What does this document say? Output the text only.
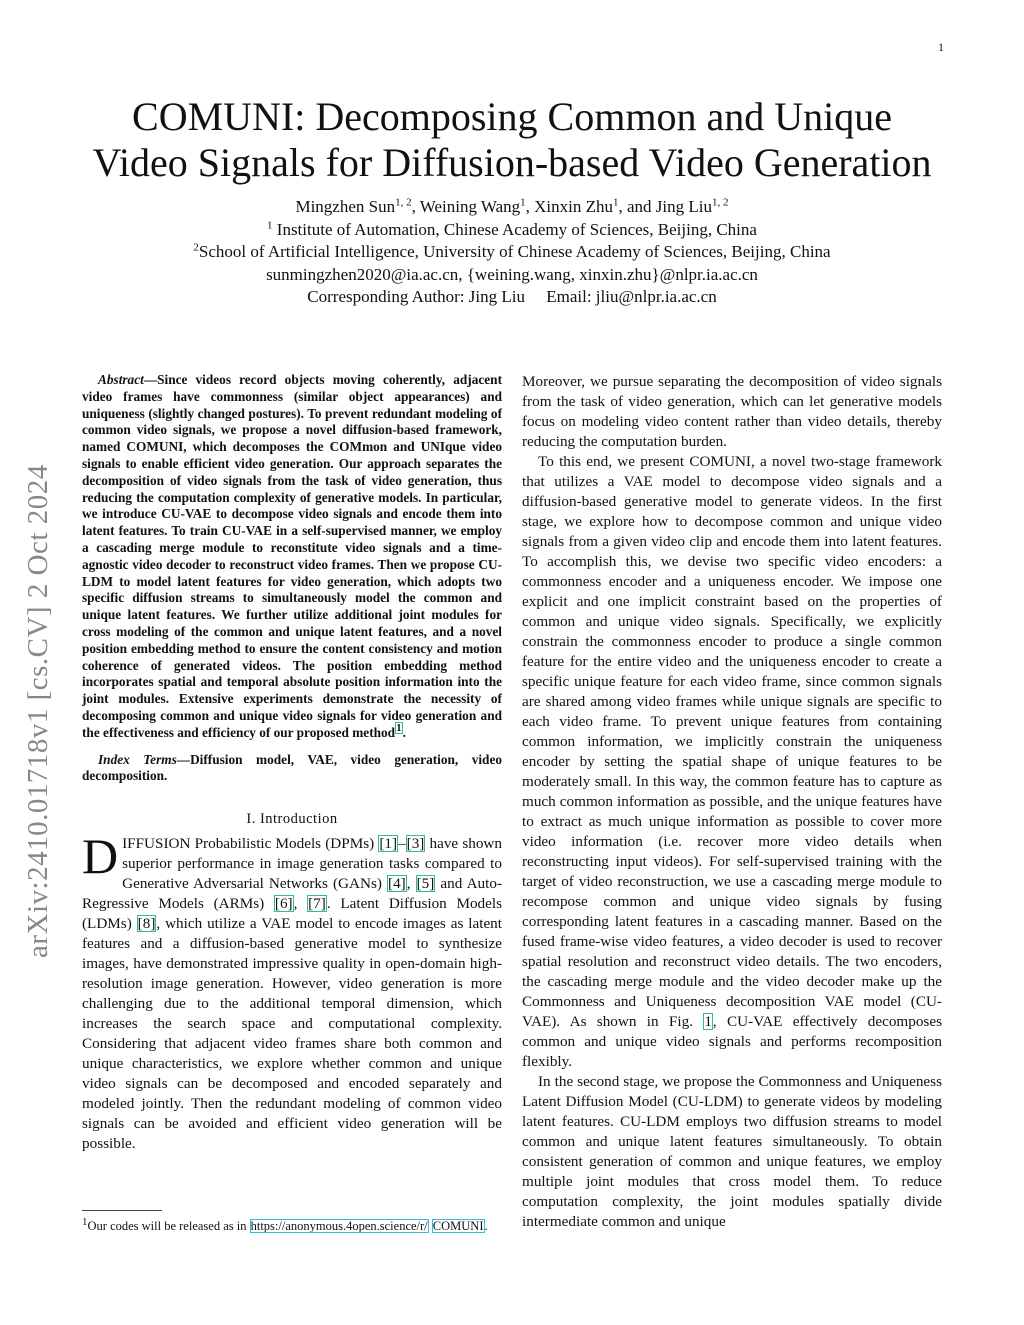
1
arXiv:2410.01718v1 [cs.CV] 2 Oct 2024
COMUNI: Decomposing Common and Unique
Video Signals for Diffusion-based Video Generation
Mingzhen Sun$^{1, 2}$, Weining Wang$^1$, Xinxin Zhu$^1$, and Jing Liu$^{1, 2}$
$^1$ Institute of Automation, Chinese Academy of Sciences, Beijing, China
$^2$School of Artificial Intelligence, University of Chinese Academy of Sciences, Beijing, China
sunmingzhen2020@ia.ac.cn, {weining.wang, xinxin.zhu}@nlpr.ia.ac.cn
Corresponding Author: Jing Liu     Email: jliu@nlpr.ia.ac.cn

Abstract—Since videos record objects moving coherently, adjacent video frames have commonness (similar object appearances) and uniqueness (slightly changed postures). To prevent redundant modeling of common video signals, we propose a novel diffusion-based framework, named COMUNI, which decomposes the COMmon and UNIque video signals to enable efficient video generation. Our approach separates the decomposition of video signals from the task of video generation, thus reducing the computation complexity of generative models. In particular, we introduce CU-VAE to decompose video signals and encode them into latent features. To train CU-VAE in a self-supervised manner, we employ a cascading merge module to reconstitute video signals and a time-agnostic video decoder to reconstruct video frames. Then we propose CU-LDM to model latent features for video generation, which adopts two specific diffusion streams to simultaneously model the common and unique latent features. We further utilize additional joint modules for cross modeling of the common and unique latent features, and a novel position embedding method to ensure the content consistency and motion coherence of generated videos. The position embedding method incorporates spatial and temporal absolute position information into the joint modules. Extensive experiments demonstrate the necessity of decomposing common and unique video signals for video generation and the effectiveness and efficiency of our proposed method$^1$.

Index Terms—Diffusion model, VAE, video generation, video decomposition.

I. Introduction

DIFFUSION Probabilistic Models (DPMs) [1]–[3] have shown superior performance in image generation tasks compared to Generative Adversarial Networks (GANs) [4], [5] and Auto-Regressive Models (ARMs) [6], [7]. Latent Diffusion Models (LDMs) [8], which utilize a VAE model to encode images as latent features and a diffusion-based generative model to synthesize images, have demonstrated impressive quality in open-domain high-resolution image generation. However, video generation is more challenging due to the additional temporal dimension, which increases the search space and computational complexity. Considering that adjacent video frames share both common and unique characteristics, we explore whether common and unique video signals can be decomposed and encoded separately and modeled jointly. Then the redundant modeling of common video signals can be avoided and efficient video generation will be possible.

$^1$Our codes will be released as in https://anonymous.4open.science/r/ COMUNI.

Moreover, we pursue separating the decomposition of video signals from the task of video generation, which can let generative models focus on modeling video content rather than video details, thereby reducing the computation burden.

To this end, we present COMUNI, a novel two-stage framework that utilizes a VAE model to decompose video signals and a diffusion-based generative model to generate videos. In the first stage, we explore how to decompose common and unique video signals from a given video clip and encode them into latent features. To accomplish this, we devise two specific video encoders: a commonness encoder and a uniqueness encoder. We impose one explicit and one implicit constraint based on the properties of common and unique video signals. Specifically, we explicitly constrain the commonness encoder to produce a single common feature for the entire video and the uniqueness encoder to create a specific unique feature for each video frame, since common signals are shared among video frames while unique signals are specific to each video frame. To prevent unique features from containing common information, we implicitly constrain the uniqueness encoder by setting the spatial shape of unique features to be moderately small. In this way, the common feature has to capture as much common information as possible, and the unique features have to extract as much unique information as possible to cover more video information (i.e. recover more video details when reconstructing input videos). For self-supervised training with the target of video reconstruction, we use a cascading merge module to recompose common and unique video signals by fusing corresponding latent features in a cascading manner. Based on the fused frame-wise video features, a video decoder is used to recover spatial resolution and reconstruct video details. The two encoders, the cascading merge module and the video decoder make up the Commonness and Uniqueness decomposition VAE model (CU-VAE). As shown in Fig. 1, CU-VAE effectively decomposes common and unique video signals and performs recomposition flexibly.

In the second stage, we propose the Commonness and Uniqueness Latent Diffusion Model (CU-LDM) to generate videos by modeling latent features. CU-LDM employs two diffusion streams to model common and unique latent features simultaneously. To obtain consistent generation of common and unique features, we employ multiple joint modules that cross model them. To reduce computation complexity, the joint modules spatially divide intermediate common and unique
